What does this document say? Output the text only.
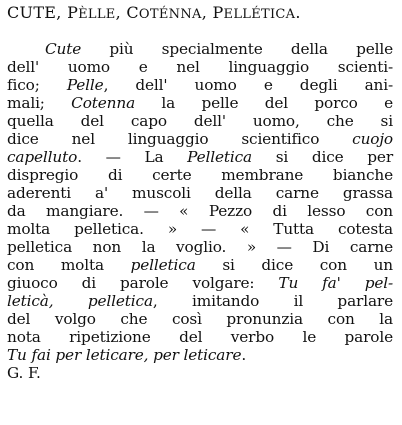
CUTE, PÈLLE, COTÉNNA, PELLÉTICA.
Cute più specialmente della pelle
dell' uomo e nel linguaggio scienti-
fico; Pelle, dell' uomo e degli ani-
mali; Cotenna la pelle del porco e
quella del capo dell' uomo, che si
dice nel linguaggio scientifico cuojo
capelluto. — La Pelletica si dice per
dispregio di certe membrane bianche
aderenti a' muscoli della carne grassa
da mangiare. — « Pezzo di lesso con
molta pelletica. » — « Tutta cotesta
pelletica non la voglio. » — Di carne
con molta pelletica si dice con un
giuoco di parole volgare: Tu fa' pel-
leticà, pelletica, imitando il parlare
del volgo che così pronunzia con la
nota ripetizione del verbo le parole
Tu fai per leticare, per leticare.
G. F.
